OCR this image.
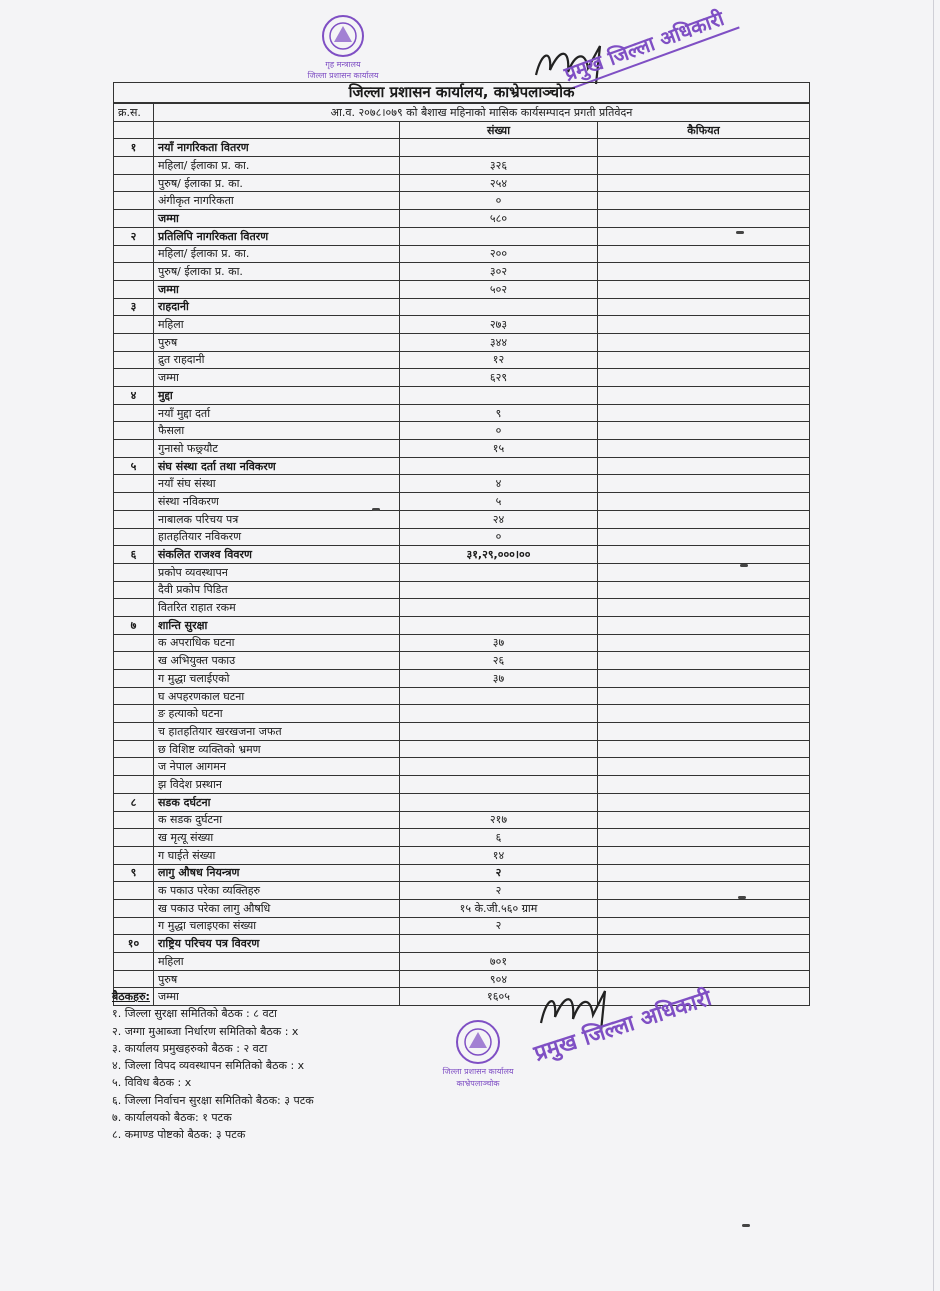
गृह मन्त्रालय
जिल्ला प्रशासन कार्यालय	प्रमुख जिल्ला अधिकारी
जिल्ला प्रशासन कार्यालय, काभ्रेपलाञ्चोक			
क्र.स.	आ.व. २०७८।०७९ को बैशाख महिनाको मासिक कार्यसम्पादन प्रगती प्रतिवेदन		
		संख्या	कैफियत
१	नयाँ नागरिकता वितरण		
	महिला/ ईलाका प्र. का.	३२६	
	पुरुष/ ईलाका प्र. का.	२५४	
	अंगीकृत नागरिकता	०	
	जम्मा	५८०	
२	प्रतिलिपि नागरिकता वितरण		
	महिला/ ईलाका प्र. का.	२००	
	पुरुष/ ईलाका प्र. का.	३०२	
	जम्मा	५०२	
३	राहदानी		
	महिला	२७३	
	पुरुष	३४४	
	द्रुत राहदानी	१२	
	जम्मा	६२९	
४	मुद्दा		
	नयाँ मुद्दा दर्ता	९	
	फैसला	०	
	गुनासो फछ्र्यौट	१५	
५	संघ संस्था दर्ता तथा नविकरण		
	नयाँ संघ संस्था	४	
	संस्था नविकरण	५	
	नाबालक परिचय पत्र	२४	
	हातहतियार नविकरण	०	
६	संकलित राजश्व विवरण	३१,२९,०००।००	
	प्रकोप व्यवस्थापन		
	दैवी प्रकोप पिडित		
	वितरित राहात रकम		
७	शान्ति सुरक्षा		
	क अपराधिक घटना	३७	
	ख अभियुक्त पकाउ	२६	
	ग मुद्धा चलाईएको	३७	
	घ अपहरणकाल घटना		
	ङ हत्याको घटना		
	च हातहतियार खरखजना जफत		
	छ विशिष्ट व्यक्तिको भ्रमण		
	ज नेपाल आगमन		
	झ विदेश प्रस्थान		
८	सडक दर्घटना		
	क सडक दुर्घटना	२१७	
	ख मृत्यू संख्या	६	
	ग घाईते संख्या	१४	
९	लागु औषध नियन्त्रण	२	
	क पकाउ परेका व्यक्तिहरु	२	
	ख पकाउ परेका लागु औषधि	१५ के.जी.५६० ग्राम	
	ग मुद्धा चलाइएका संख्या	२	
१०	राष्ट्रिय परिचय पत्र विवरण		
	महिला	७०१	
	पुरुष	९०४	
	जम्मा	१६०५	
बैठकहरु:
१. जिल्ला सुरक्षा समितिको बैठक : ८ वटा
२. जग्गा मुआब्जा निर्धारण समितिको बैठक : x
३. कार्यालय प्रमुखहरुको बैठक : २ वटा
४. जिल्ला विपद व्यवस्थापन समितिको बैठक : x
५. विविध बैठक : x
६. जिल्ला निर्वाचन सुरक्षा समितिको बैठक: ३ पटक
७. कार्यालयको बैठक: १ पटक
८. कमाण्ड पोष्टको बैठक: ३ पटक
जिल्ला प्रशासन कार्यालय
काभ्रेपलाञ्चोक
प्रमुख जिल्ला अधिकारी
